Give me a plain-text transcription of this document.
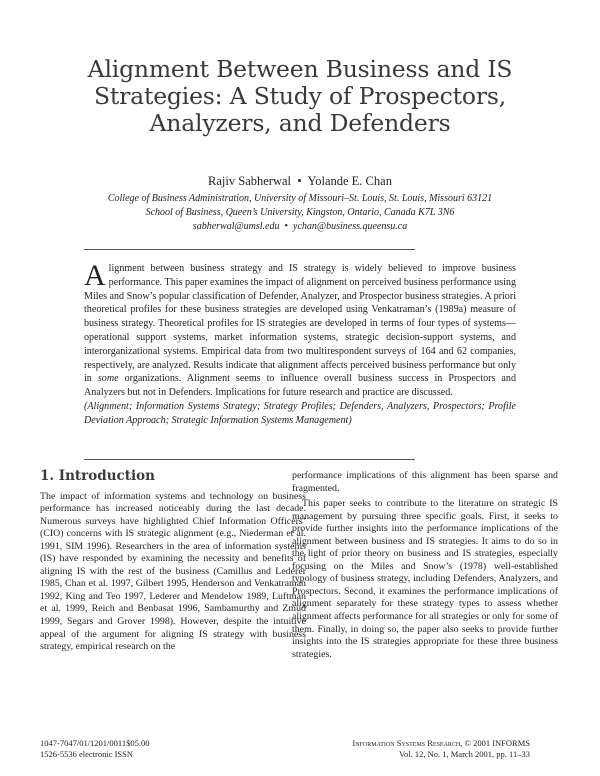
Alignment Between Business and IS
Strategies: A Study of Prospectors,
Analyzers, and Defenders
Rajiv Sabherwal • Yolande E. Chan
College of Business Administration, University of Missouri–St. Louis, St. Louis, Missouri 63121
School of Business, Queen’s University, Kingston, Ontario, Canada K7L 3N6
sabherwal@umsl.edu • ychan@business.queensu.ca
Alignment between business strategy and IS strategy is widely believed to improve business performance. This paper examines the impact of alignment on perceived business performance using Miles and Snow’s popular classification of Defender, Analyzer, and Prospector business strategies. A priori theoretical profiles for these business strategies are developed using Venkatraman’s (1989a) measure of business strategy. Theoretical profiles for IS strategies are developed in terms of four types of systems—operational support systems, market information systems, strategic decision-support systems, and interorganizational systems. Empirical data from two multirespondent surveys of 164 and 62 companies, respectively, are analyzed. Results indicate that alignment affects perceived business performance but only in some organizations. Alignment seems to influence overall business success in Prospectors and Analyzers but not in Defenders. Implications for future research and practice are discussed.
(Alignment; Information Systems Strategy; Strategy Profiles; Defenders, Analyzers, Prospectors; Profile Deviation Approach; Strategic Information Systems Management)
1. Introduction

The impact of information systems and technology on business performance has increased noticeably during the last decade. Numerous surveys have highlighted Chief Information Officers’ (CIO) concerns with IS strategic alignment (e.g., Niederman et al. 1991, SIM 1996). Researchers in the area of information systems (IS) have responded by examining the necessity and benefits of aligning IS with the rest of the business (Camillus and Lederer 1985, Chan et al. 1997, Gilbert 1995, Henderson and Venkatraman 1992, King and Teo 1997, Lederer and Mendelow 1989, Luftman et al. 1999, Reich and Benbasat 1996, Sambamurthy and Zmud 1999, Segars and Grover 1998). However, despite the intuitive appeal of the argument for aligning IS strategy with business strategy, empirical research on the

performance implications of this alignment has been sparse and fragmented.

This paper seeks to contribute to the literature on strategic IS management by pursuing three specific goals. First, it seeks to provide further insights into the performance implications of the alignment between business and IS strategies. It aims to do so in the light of prior theory on business and IS strategies, especially focusing on the Miles and Snow’s (1978) well-established typology of business strategy, including Defenders, Analyzers, and Prospectors. Second, it examines the performance implications of alignment separately for these strategy types to assess whether alignment affects performance for all strategies or only for some of them. Finally, in doing so, the paper also seeks to provide further insights into the IS strategies appropriate for these three business strategies.

1047-7047/01/1201/0011$05.00
1526-5536 electronic ISSN
Information Systems Research, © 2001 INFORMS
Vol. 12, No. 1, March 2001, pp. 11–33
